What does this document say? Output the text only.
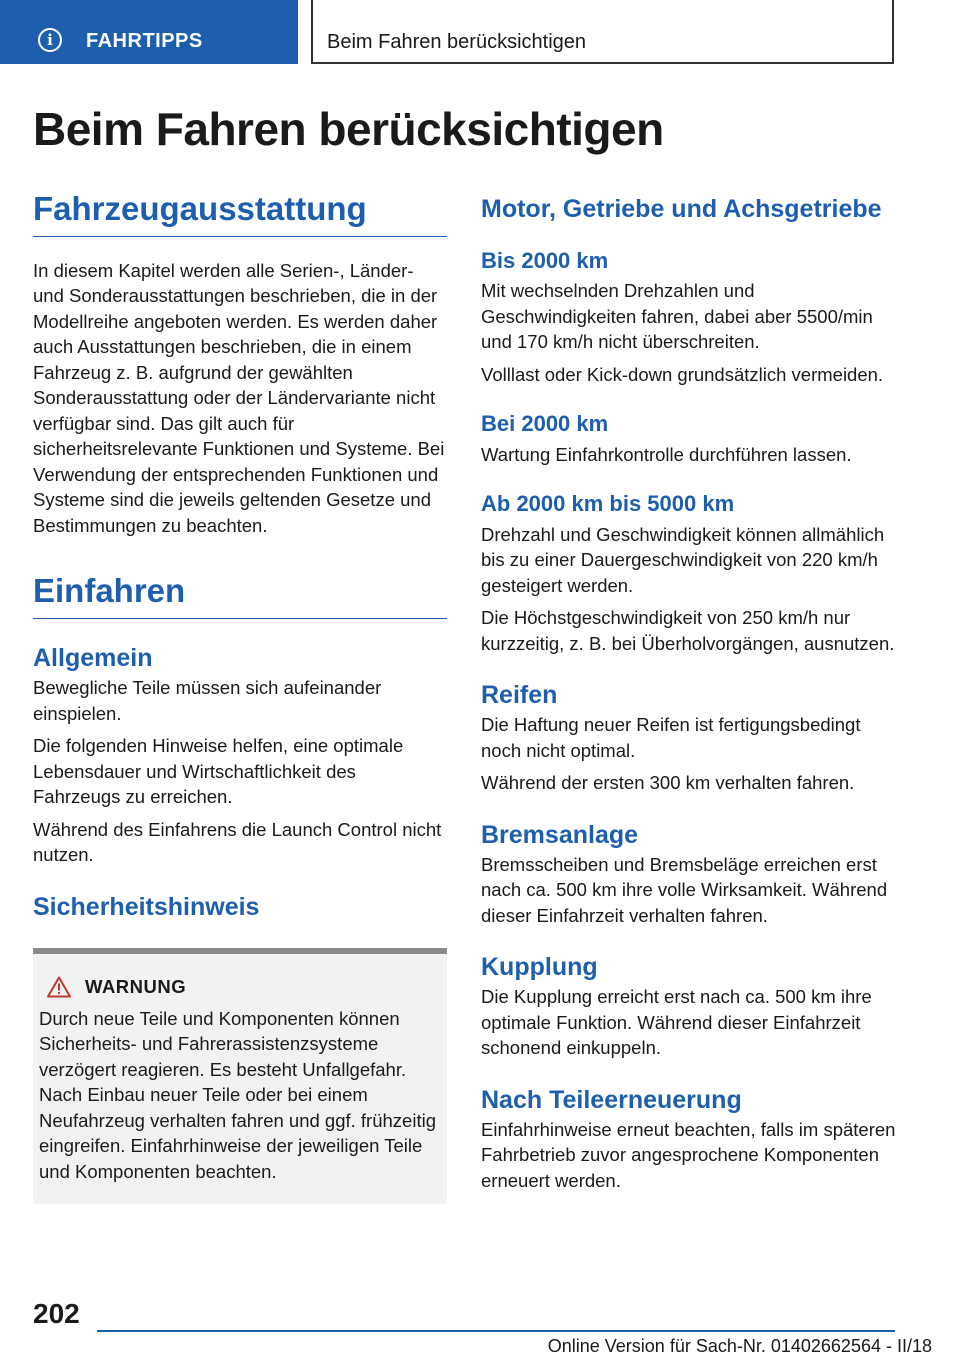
i	FAHRTIPPS	Beim Fahren berücksichtigen
Beim Fahren berücksichtigen
Fahrzeugausstattung

In diesem Kapitel werden alle Serien-, Länder- und Sonderausstattungen beschrieben, die in der Modellreihe angeboten werden. Es werden daher auch Ausstattungen beschrieben, die in einem Fahrzeug z. B. aufgrund der gewählten Sonderausstattung oder der Ländervariante nicht verfügbar sind. Das gilt auch für sicherheitsrelevante Funktionen und Systeme. Bei Verwendung der entsprechenden Funktionen und Systeme sind die jeweils geltenden Gesetze und Bestimmungen zu beachten.

Einfahren
Allgemein

Bewegliche Teile müssen sich aufeinander einspielen.

Die folgenden Hinweise helfen, eine optimale Lebensdauer und Wirtschaftlichkeit des Fahrzeugs zu erreichen.

Während des Einfahrens die Launch Control nicht nutzen.

Sicherheitshinweis
WARNUNG

Durch neue Teile und Komponenten können Sicherheits- und Fahrerassistenzsysteme verzögert reagieren. Es besteht Unfallgefahr. Nach Einbau neuer Teile oder bei einem Neufahrzeug verhalten fahren und ggf. frühzeitig eingreifen. Einfahrhinweise der jeweiligen Teile und Komponenten beachten.

Motor, Getriebe und Achsgetriebe
Bis 2000 km

Mit wechselnden Drehzahlen und Geschwindigkeiten fahren, dabei aber 5500/min und 170 km/h nicht überschreiten.

Volllast oder Kick-down grundsätzlich vermeiden.

Bei 2000 km

Wartung Einfahrkontrolle durchführen lassen.

Ab 2000 km bis 5000 km

Drehzahl und Geschwindigkeit können allmählich bis zu einer Dauergeschwindigkeit von 220 km/h gesteigert werden.

Die Höchstgeschwindigkeit von 250 km/h nur kurzzeitig, z. B. bei Überholvorgängen, ausnutzen.

Reifen

Die Haftung neuer Reifen ist fertigungsbedingt noch nicht optimal.

Während der ersten 300 km verhalten fahren.

Bremsanlage

Bremsscheiben und Bremsbeläge erreichen erst nach ca. 500 km ihre volle Wirksamkeit. Während dieser Einfahrzeit verhalten fahren.

Kupplung

Die Kupplung erreicht erst nach ca. 500 km ihre optimale Funktion. Während dieser Einfahrzeit schonend einkuppeln.

Nach Teileerneuerung

Einfahrhinweise erneut beachten, falls im späteren Fahrbetrieb zuvor angesprochene Komponenten erneuert werden.

202
Online Version für Sach-Nr. 01402662564 - II/18
